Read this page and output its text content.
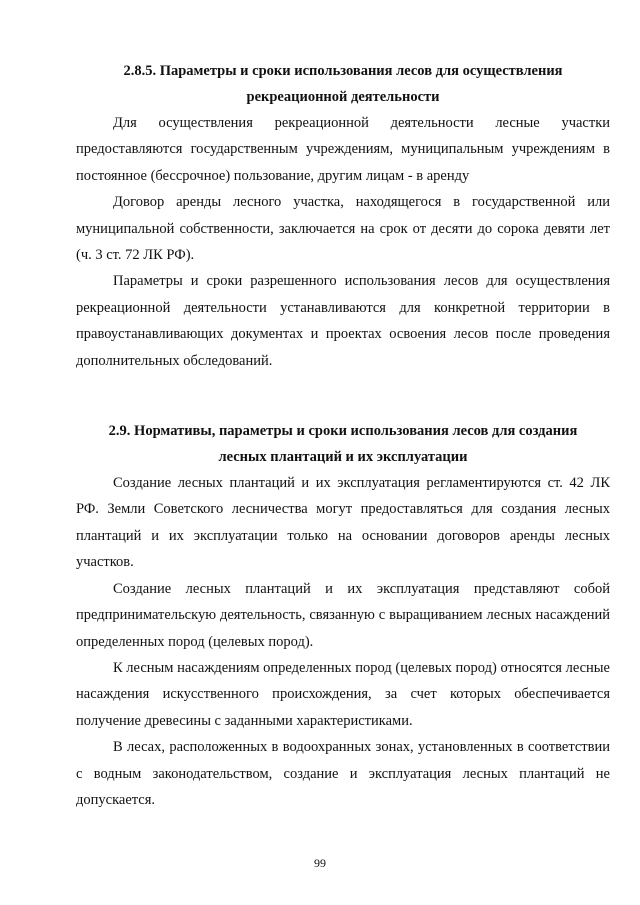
2.8.5. Параметры и сроки использования лесов для осуществления
рекреационной деятельности

Для осуществления рекреационной деятельности лесные участки предоставляются государственным учреждениям, муниципальным учреждениям в постоянное (бессрочное) пользование, другим лицам - в аренду

Договор аренды лесного участка, находящегося в государственной или муниципальной собственности, заключается на срок от десяти до сорока девяти лет (ч. 3 ст. 72 ЛК РФ).

Параметры и сроки разрешенного использования лесов для осуществления рекреационной деятельности устанавливаются для конкретной территории в правоустанавливающих документах и проектах освоения лесов после проведения дополнительных обследований.

2.9. Нормативы, параметры и сроки использования лесов для создания
лесных плантаций и их эксплуатации

Создание лесных плантаций и их эксплуатация регламентируются ст. 42 ЛК РФ. Земли Советского лесничества могут предоставляться для создания лесных плантаций и их эксплуатации только на основании договоров аренды лесных участков.

Создание лесных плантаций и их эксплуатация представляют собой предпринимательскую деятельность, связанную с выращиванием лесных насаждений определенных пород (целевых пород).

К лесным насаждениям определенных пород (целевых пород) относятся лесные насаждения искусственного происхождения, за счет которых обеспечивается получение древесины с заданными характеристиками.

В лесах, расположенных в водоохранных зонах, установленных в соответствии с водным законодательством, создание и эксплуатация лесных плантаций не допускается.

99
